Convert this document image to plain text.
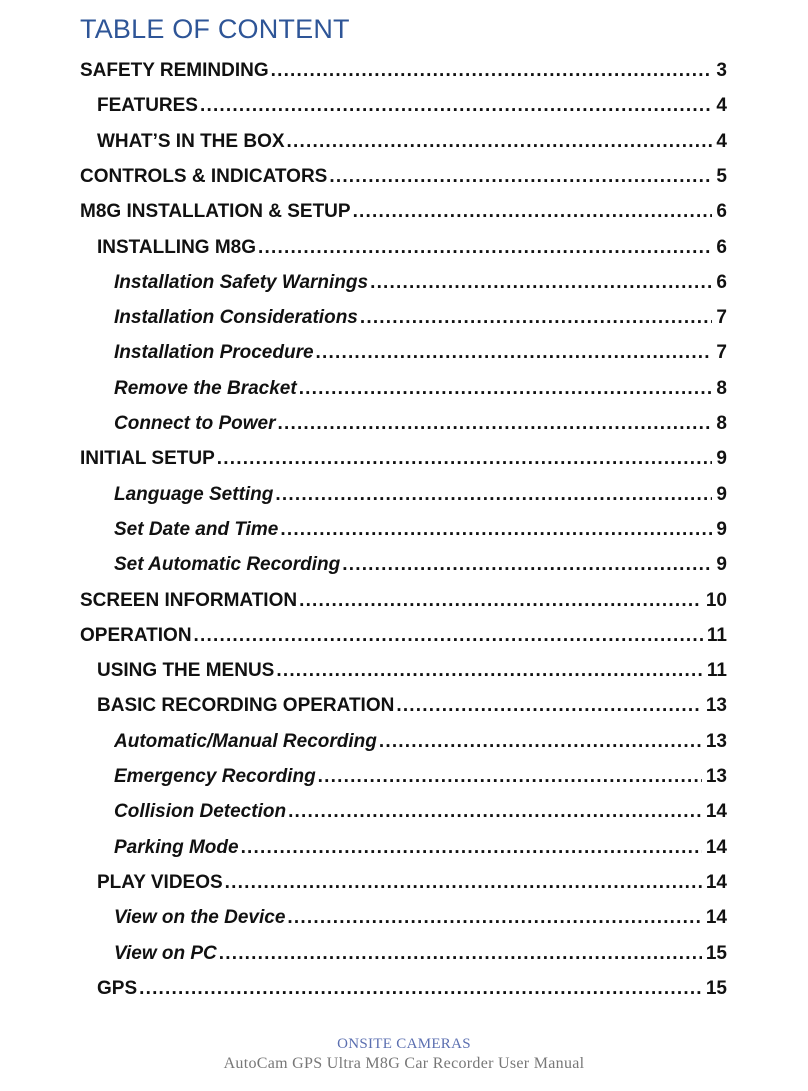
TABLE OF CONTENT
SAFETY REMINDING .....	3
FEATURES .....	4
WHAT’S IN THE BOX .....	4
CONTROLS & INDICATORS .....	5
M8G INSTALLATION & SETUP .....	6
INSTALLING M8G .....	6
Installation Safety Warnings .....	6
Installation Considerations .....	7
Installation Procedure .....	7
Remove the Bracket .....	8
Connect to Power .....	8
INITIAL SETUP .....	9
Language Setting .....	9
Set Date and Time .....	9
Set Automatic Recording .....	9
SCREEN INFORMATION .....	10
OPERATION .....	11
USING THE MENUS .....	11
BASIC RECORDING OPERATION .....	13
Automatic/Manual Recording .....	13
Emergency Recording .....	13
Collision Detection .....	14
Parking Mode .....	14
PLAY VIDEOS .....	14
View on the Device .....	14
View on PC .....	15
GPS .....	15
ONSITE CAMERAS
AutoCam GPS Ultra M8G Car Recorder User Manual
